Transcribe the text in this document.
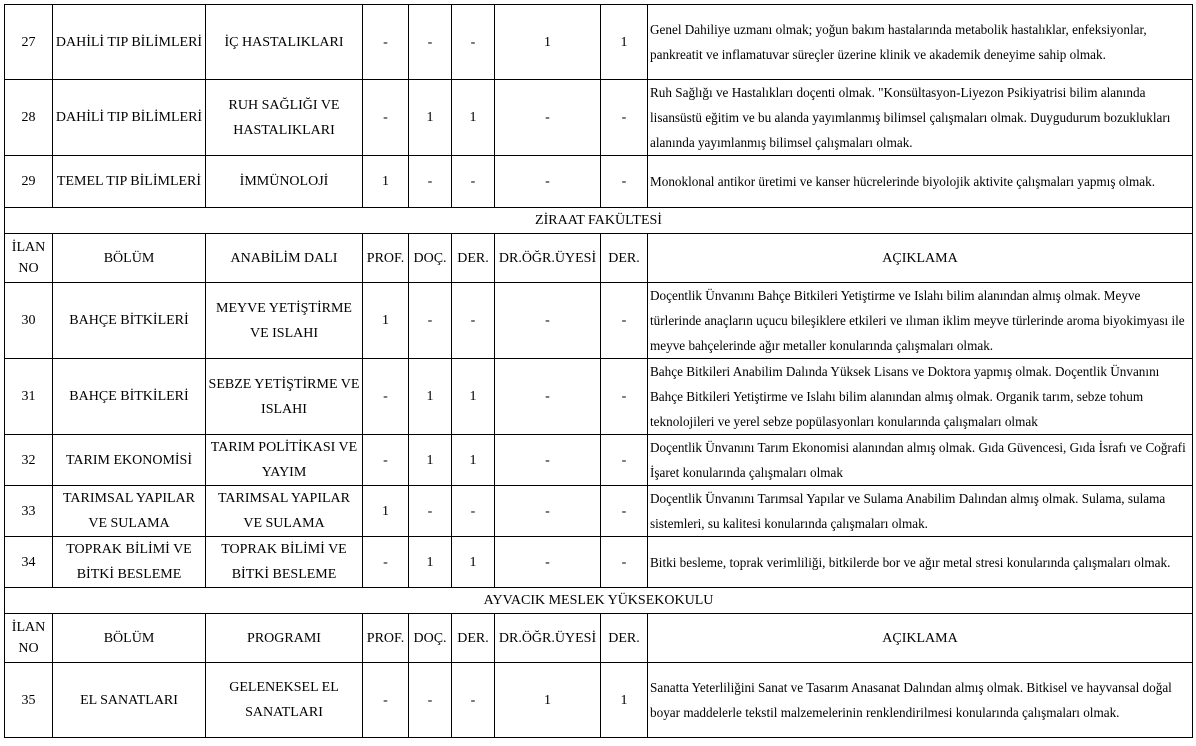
27	DAHİLİ TIP BİLİMLERİ	İÇ HASTALIKLARI	-	-	-	1	1	Genel Dahiliye uzmanı olmak; yoğun bakım hastalarında metabolik hastalıklar, enfeksiyonlar, pankreatit ve inflamatuvar süreçler üzerine klinik ve akademik deneyime sahip olmak.
28	DAHİLİ TIP BİLİMLERİ	RUH SAĞLIĞI VE HASTALIKLARI	-	1	1	-	-	Ruh Sağlığı ve Hastalıkları doçenti olmak. "Konsültasyon-Liyezon Psikiyatrisi bilim alanında lisansüstü eğitim ve bu alanda yayımlanmış bilimsel çalışmaları olmak. Duygudurum bozuklukları alanında yayımlanmış bilimsel çalışmaları olmak.
29	TEMEL TIP BİLİMLERİ	İMMÜNOLOJİ	1	-	-	-	-	Monoklonal antikor üretimi ve kanser hücrelerinde biyolojik aktivite çalışmaları yapmış olmak.
ZİRAAT FAKÜLTESİ								
İLAN NO	BÖLÜM	ANABİLİM DALI	PROF.	DOÇ.	DER.	DR.ÖĞR.ÜYESİ	DER.	AÇIKLAMA
30	BAHÇE BİTKİLERİ	MEYVE YETİŞTİRME VE ISLAHI	1	-	-	-	-	Doçentlik Ünvanını Bahçe Bitkileri Yetiştirme ve Islahı bilim alanından almış olmak. Meyve türlerinde anaçların uçucu bileşiklere etkileri ve ılıman iklim meyve türlerinde aroma biyokimyası ile meyve bahçelerinde ağır metaller konularında çalışmaları olmak.
31	BAHÇE BİTKİLERİ	SEBZE YETİŞTİRME VE ISLAHI	-	1	1	-	-	Bahçe Bitkileri Anabilim Dalında Yüksek Lisans ve Doktora yapmış olmak. Doçentlik Ünvanını Bahçe Bitkileri Yetiştirme ve Islahı bilim alanından almış olmak. Organik tarım, sebze tohum teknolojileri ve yerel sebze popülasyonları konularında çalışmaları olmak
32	TARIM EKONOMİSİ	TARIM POLİTİKASI VE YAYIM	-	1	1	-	-	Doçentlik Ünvanını Tarım Ekonomisi alanından almış olmak. Gıda Güvencesi, Gıda İsrafı ve Coğrafi İşaret konularında çalışmaları olmak
33	TARIMSAL YAPILAR VE SULAMA	TARIMSAL YAPILAR VE SULAMA	1	-	-	-	-	Doçentlik Ünvanını Tarımsal Yapılar ve Sulama Anabilim Dalından almış olmak. Sulama, sulama sistemleri, su kalitesi konularında çalışmaları olmak.
34	TOPRAK BİLİMİ VE BİTKİ BESLEME	TOPRAK BİLİMİ VE BİTKİ BESLEME	-	1	1	-	-	Bitki besleme, toprak verimliliği, bitkilerde bor ve ağır metal stresi konularında çalışmaları olmak.
AYVACIK MESLEK YÜKSEKOKULU								
İLAN NO	BÖLÜM	PROGRAMI	PROF.	DOÇ.	DER.	DR.ÖĞR.ÜYESİ	DER.	AÇIKLAMA
35	EL SANATLARI	GELENEKSEL EL SANATLARI	-	-	-	1	1	Sanatta Yeterliliğini Sanat ve Tasarım Anasanat Dalından almış olmak. Bitkisel ve hayvansal doğal boyar maddelerle tekstil malzemelerinin renklendirilmesi konularında çalışmaları olmak.
